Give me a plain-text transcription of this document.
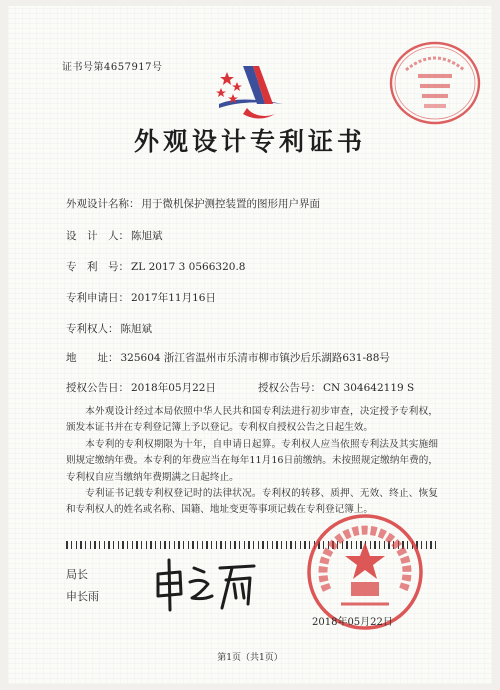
证书号第4657917号
外观设计专利证书
外观设计名称： 用于微机保护测控装置的图形用户界面
设　计　人： 陈旭斌
专　利　号： ZL 2017 3 0566320.8
专利申请日： 2017年11月16日
专利权人： 陈旭斌
地　　址： 325604 浙江省温州市乐清市柳市镇沙后乐湖路631-88号
授权公告日： 2018年05月22日	授权公告号： CN 304642119 S

本外观设计经过本局依照中华人民共和国专利法进行初步审查，决定授予专利权，颁发本证书并在专利登记簿上予以登记。专利权自授权公告之日起生效。

本专利的专利权期限为十年，自申请日起算。专利权人应当依照专利法及其实施细则规定缴纳年费。本专利的年费应当在每年11月16日前缴纳。未按照规定缴纳年费的，专利权自应当缴纳年费期满之日起终止。

专利证书记载专利权登记时的法律状况。专利权的转移、质押、无效、终止、恢复和专利权人的姓名或名称、国籍、地址变更等事项记载在专利登记簿上。

局长
申长雨
2018年05月22日
第1页（共1页）
